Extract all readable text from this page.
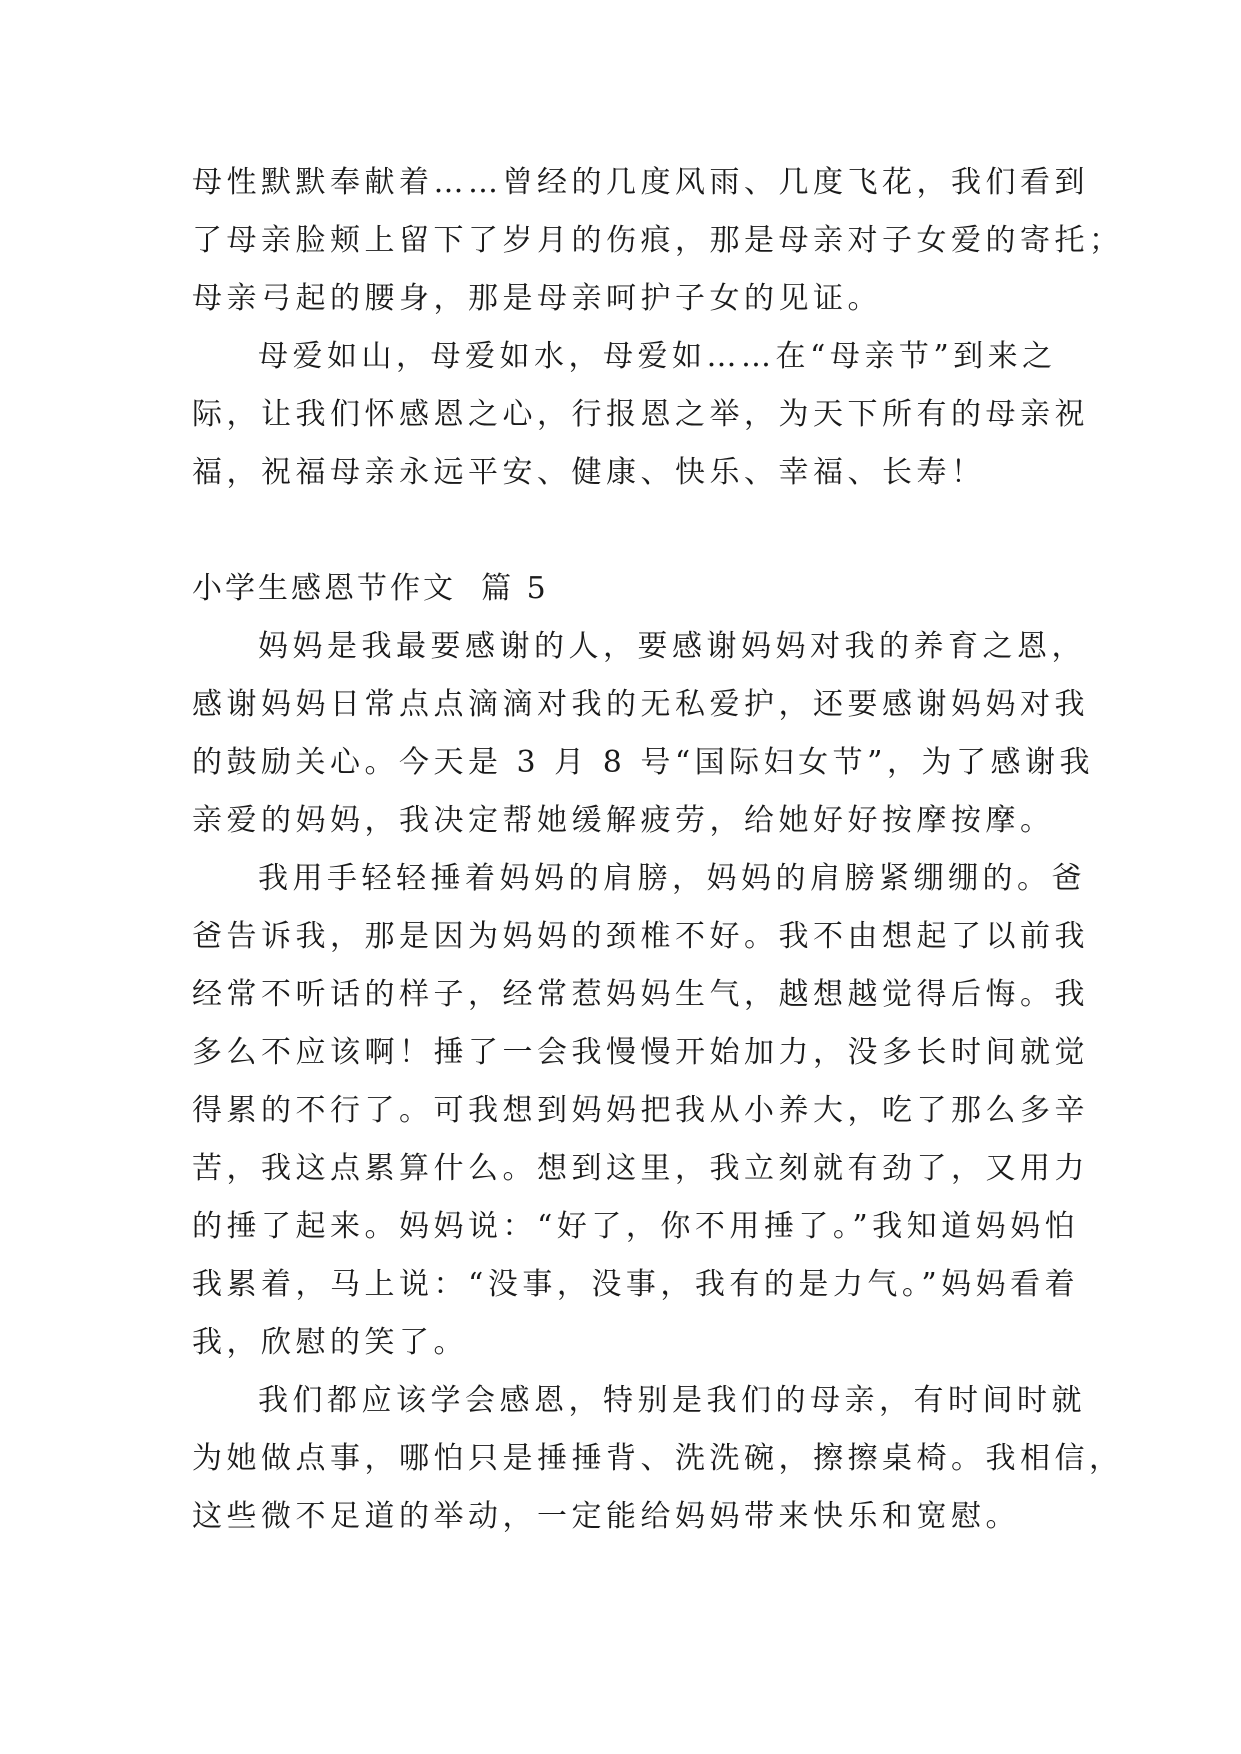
母性默默奉献着……曾经的几度风雨、几度飞花，我们看到
了母亲脸颊上留下了岁月的伤痕，那是母亲对子女爱的寄托；
母亲弓起的腰身，那是母亲呵护子女的见证。
母爱如山，母爱如水，母爱如……在“母亲节”到来之
际，让我们怀感恩之心，行报恩之举，为天下所有的母亲祝
福，祝福母亲永远平安、健康、快乐、幸福、长寿！
小学生感恩节作文  篇 5
妈妈是我最要感谢的人，要感谢妈妈对我的养育之恩，
感谢妈妈日常点点滴滴对我的无私爱护，还要感谢妈妈对我
的鼓励关心。今天是 3 月 8 号“国际妇女节”，为了感谢我
亲爱的妈妈，我决定帮她缓解疲劳，给她好好按摩按摩。
我用手轻轻捶着妈妈的肩膀，妈妈的肩膀紧绷绷的。爸
爸告诉我，那是因为妈妈的颈椎不好。我不由想起了以前我
经常不听话的样子，经常惹妈妈生气，越想越觉得后悔。我
多么不应该啊！捶了一会我慢慢开始加力，没多长时间就觉
得累的不行了。可我想到妈妈把我从小养大，吃了那么多辛
苦，我这点累算什么。想到这里，我立刻就有劲了，又用力
的捶了起来。妈妈说：“好了，你不用捶了。”我知道妈妈怕
我累着，马上说：“没事，没事，我有的是力气。”妈妈看着
我，欣慰的笑了。
我们都应该学会感恩，特别是我们的母亲，有时间时就
为她做点事，哪怕只是捶捶背、洗洗碗，擦擦桌椅。我相信，
这些微不足道的举动，一定能给妈妈带来快乐和宽慰。
